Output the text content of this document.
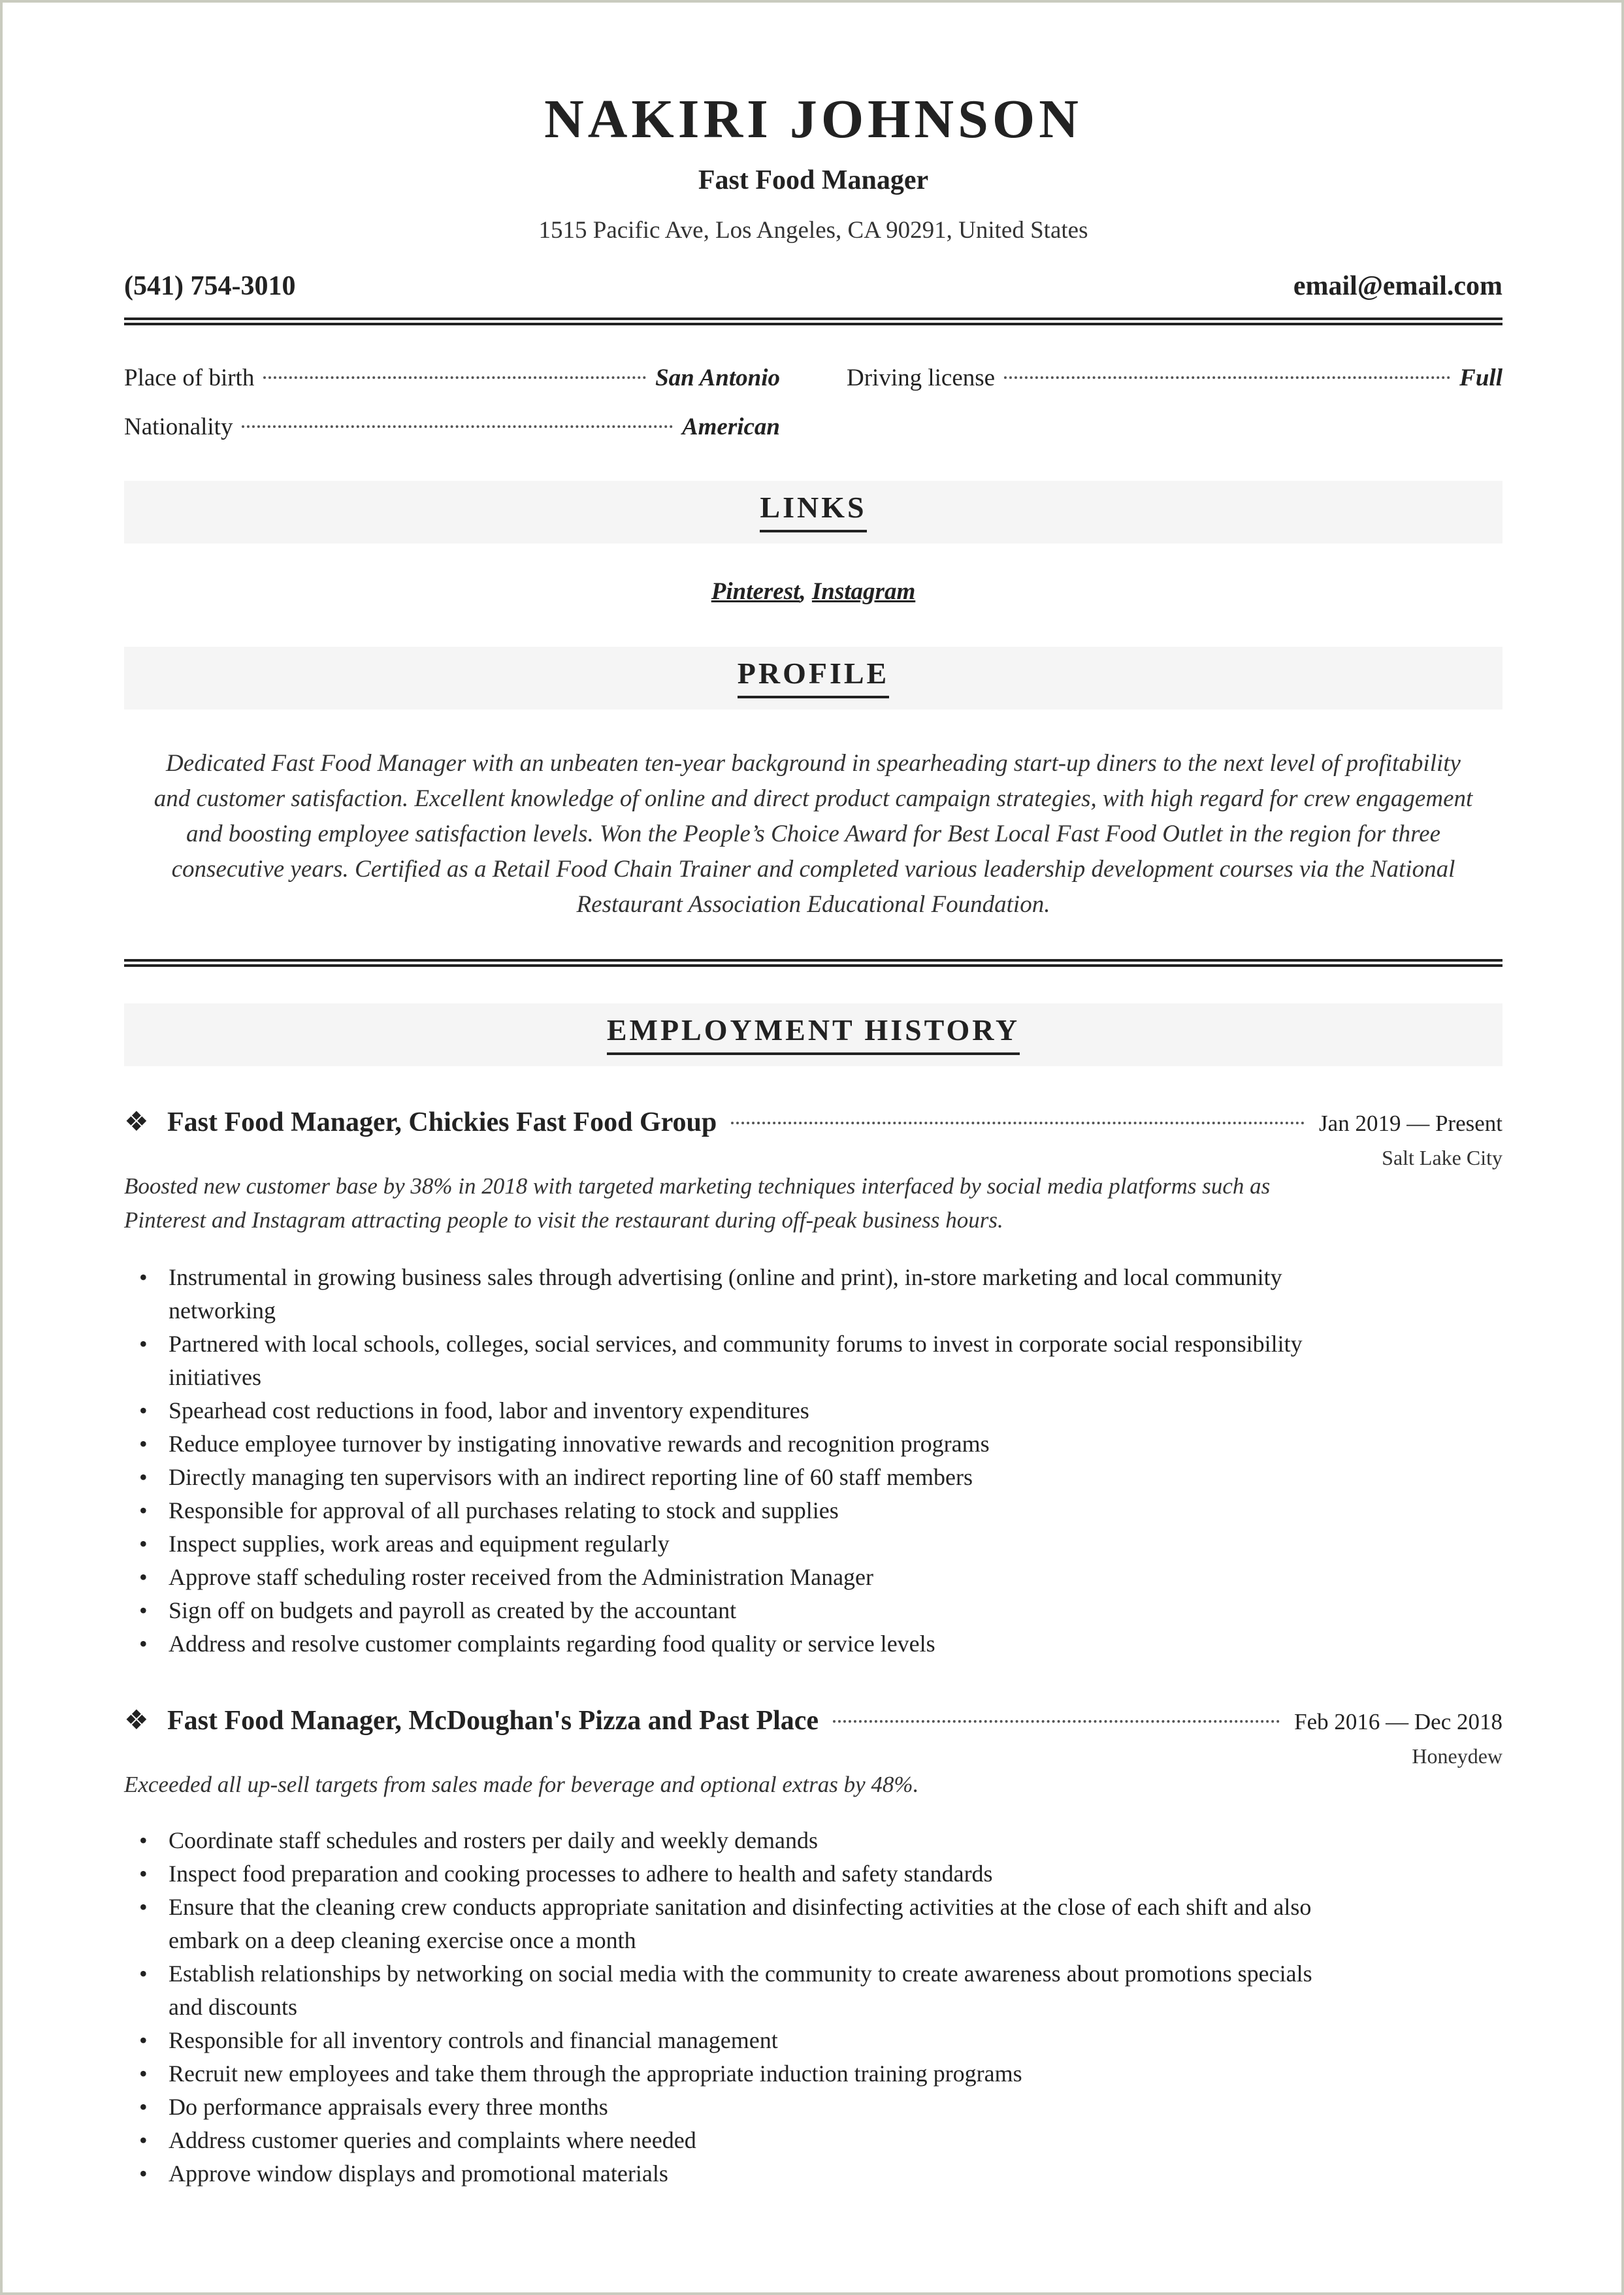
NAKIRI JOHNSON
Fast Food Manager
1515 Pacific Ave, Los Angeles, CA 90291, United States
(541) 754-3010	email@email.com
Place of birth	San Antonio	Driving license	Full
Nationality	American
LINKS
Pinterest, Instagram
PROFILE
Dedicated Fast Food Manager with an unbeaten ten-year background in spearheading start-up diners to the next level of profitability and customer satisfaction. Excellent knowledge of online and direct product campaign strategies, with high regard for crew engagement and boosting employee satisfaction levels. Won the People’s Choice Award for Best Local Fast Food Outlet in the region for three consecutive years. Certified as a Retail Food Chain Trainer and completed various leadership development courses via the National Restaurant Association Educational Foundation.
EMPLOYMENT HISTORY
❖ Fast Food Manager, Chickies Fast Food Group	Jan 2019 — Present
Salt Lake City
Boosted new customer base by 38% in 2018 with targeted marketing techniques interfaced by social media platforms such as Pinterest and Instagram attracting people to visit the restaurant during off-peak business hours.
• Instrumental in growing business sales through advertising (online and print), in-store marketing and local community networking
• Partnered with local schools, colleges, social services, and community forums to invest in corporate social responsibility initiatives
• Spearhead cost reductions in food, labor and inventory expenditures
• Reduce employee turnover by instigating innovative rewards and recognition programs
• Directly managing ten supervisors with an indirect reporting line of 60 staff members
• Responsible for approval of all purchases relating to stock and supplies
• Inspect supplies, work areas and equipment regularly
• Approve staff scheduling roster received from the Administration Manager
• Sign off on budgets and payroll as created by the accountant
• Address and resolve customer complaints regarding food quality or service levels
❖ Fast Food Manager, McDoughan's Pizza and Past Place	Feb 2016 — Dec 2018
Honeydew
Exceeded all up-sell targets from sales made for beverage and optional extras by 48%.
• Coordinate staff schedules and rosters per daily and weekly demands
• Inspect food preparation and cooking processes to adhere to health and safety standards
• Ensure that the cleaning crew conducts appropriate sanitation and disinfecting activities at the close of each shift and also embark on a deep cleaning exercise once a month
• Establish relationships by networking on social media with the community to create awareness about promotions specials and discounts
• Responsible for all inventory controls and financial management
• Recruit new employees and take them through the appropriate induction training programs
• Do performance appraisals every three months
• Address customer queries and complaints where needed
• Approve window displays and promotional materials
